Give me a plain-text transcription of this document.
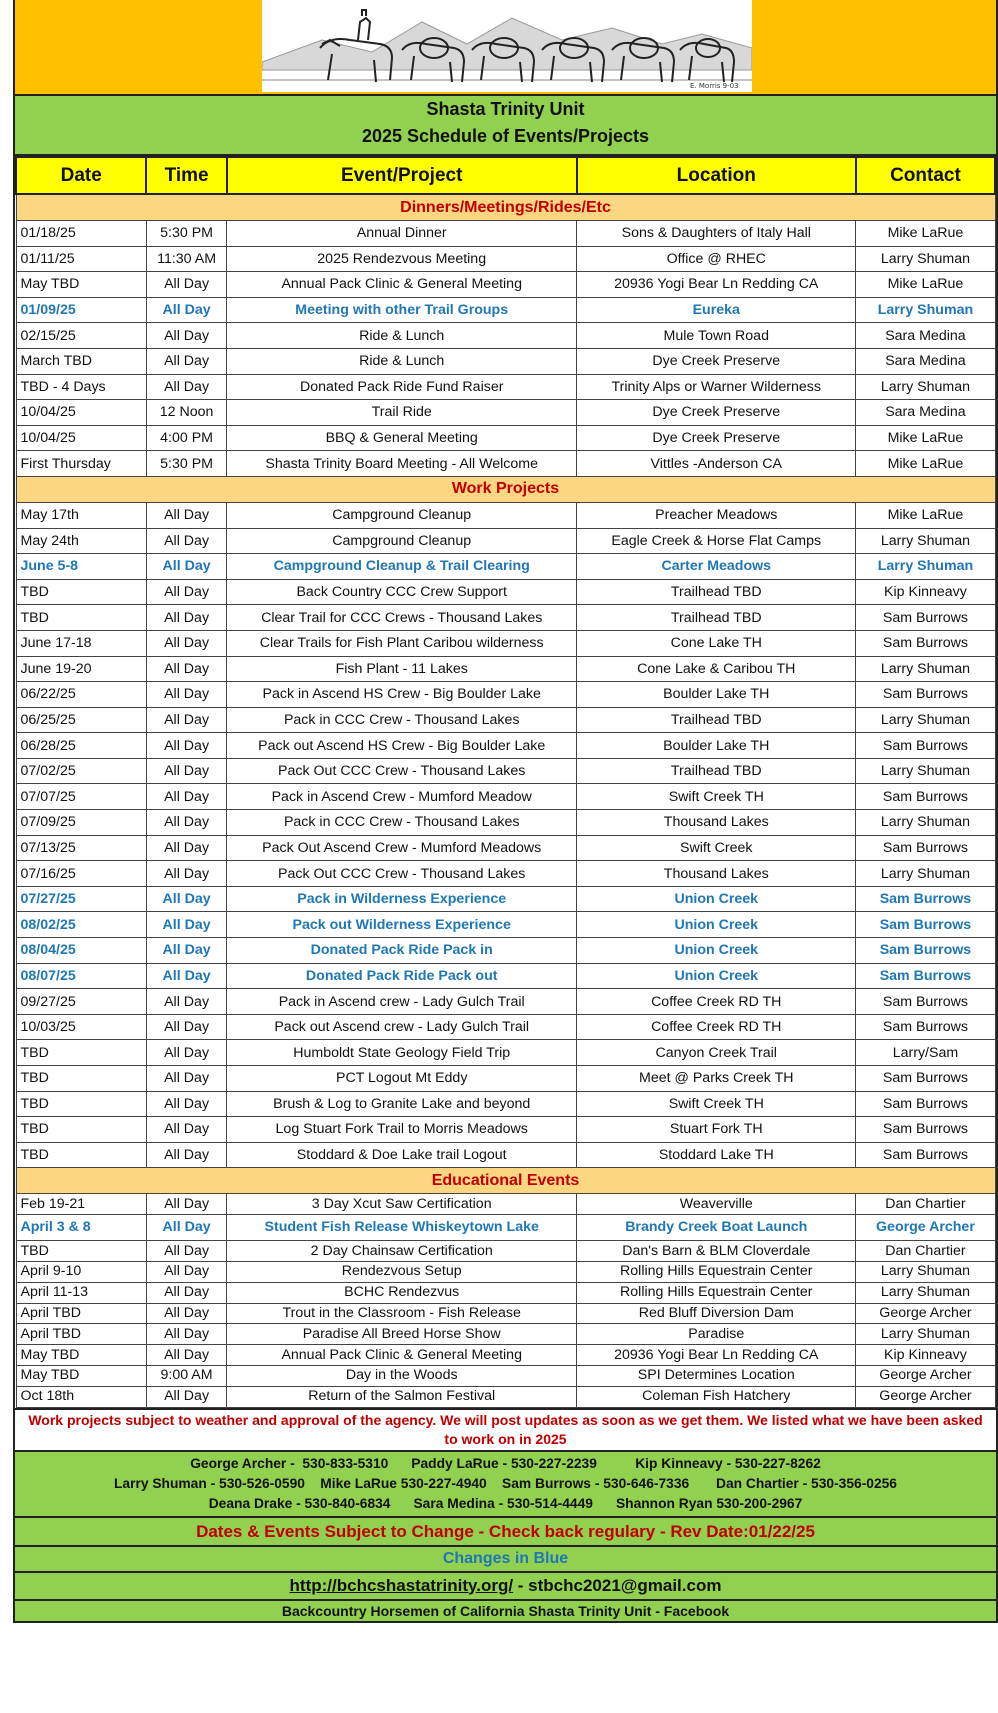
E. Morris 9-03
Shasta Trinity Unit
2025 Schedule of Events/Projects
Date	Time	Event/Project	Location	Contact
Dinners/Meetings/Rides/Etc				
01/18/25	5:30 PM	Annual Dinner	Sons & Daughters of Italy Hall	Mike LaRue
01/11/25	11:30 AM	2025 Rendezvous Meeting	Office @ RHEC	Larry Shuman
May TBD	All Day	Annual Pack Clinic & General Meeting	20936 Yogi Bear Ln Redding CA	Mike LaRue
01/09/25	All Day	Meeting with other Trail Groups	Eureka	Larry Shuman
02/15/25	All Day	Ride & Lunch	Mule Town Road	Sara Medina
March TBD	All Day	Ride & Lunch	Dye Creek Preserve	Sara Medina
TBD - 4 Days	All Day	Donated Pack Ride Fund Raiser	Trinity Alps or Warner Wilderness	Larry Shuman
10/04/25	12 Noon	Trail Ride	Dye Creek Preserve	Sara Medina
10/04/25	4:00 PM	BBQ & General Meeting	Dye Creek Preserve	Mike LaRue
First Thursday	5:30 PM	Shasta Trinity Board Meeting - All Welcome	Vittles -Anderson CA	Mike LaRue
Work Projects				
May 17th	All Day	Campground Cleanup	Preacher Meadows	Mike LaRue
May 24th	All Day	Campground Cleanup	Eagle Creek & Horse Flat Camps	Larry Shuman
June 5-8	All Day	Campground Cleanup & Trail Clearing	Carter Meadows	Larry Shuman
TBD	All Day	Back Country CCC Crew Support	Trailhead TBD	Kip Kinneavy
TBD	All Day	Clear Trail for CCC Crews - Thousand Lakes	Trailhead TBD	Sam Burrows
June 17-18	All Day	Clear Trails for Fish Plant Caribou wilderness	Cone Lake TH	Sam Burrows
June 19-20	All Day	Fish Plant - 11 Lakes	Cone Lake & Caribou TH	Larry Shuman
06/22/25	All Day	Pack in Ascend HS Crew - Big Boulder Lake	Boulder Lake TH	Sam Burrows
06/25/25	All Day	Pack in CCC Crew - Thousand Lakes	Trailhead TBD	Larry Shuman
06/28/25	All Day	Pack out Ascend HS Crew - Big Boulder Lake	Boulder Lake TH	Sam Burrows
07/02/25	All Day	Pack Out CCC Crew - Thousand Lakes	Trailhead TBD	Larry Shuman
07/07/25	All Day	Pack in Ascend Crew - Mumford Meadow	Swift Creek TH	Sam Burrows
07/09/25	All Day	Pack in CCC Crew - Thousand Lakes	Thousand Lakes	Larry Shuman
07/13/25	All Day	Pack Out Ascend Crew - Mumford Meadows	Swift Creek	Sam Burrows
07/16/25	All Day	Pack Out CCC Crew - Thousand Lakes	Thousand Lakes	Larry Shuman
07/27/25	All Day	Pack in Wilderness Experience	Union Creek	Sam Burrows
08/02/25	All Day	Pack out Wilderness Experience	Union Creek	Sam Burrows
08/04/25	All Day	Donated Pack Ride Pack in	Union Creek	Sam Burrows
08/07/25	All Day	Donated Pack Ride Pack out	Union Creek	Sam Burrows
09/27/25	All Day	Pack in Ascend crew - Lady Gulch Trail	Coffee Creek RD TH	Sam Burrows
10/03/25	All Day	Pack out Ascend crew - Lady Gulch Trail	Coffee Creek RD TH	Sam Burrows
TBD	All Day	Humboldt State Geology Field Trip	Canyon Creek Trail	Larry/Sam
TBD	All Day	PCT Logout Mt Eddy	Meet @ Parks Creek TH	Sam Burrows
TBD	All Day	Brush & Log to Granite Lake and beyond	Swift Creek TH	Sam Burrows
TBD	All Day	Log Stuart Fork Trail to Morris Meadows	Stuart Fork TH	Sam Burrows
TBD	All Day	Stoddard & Doe Lake trail Logout	Stoddard Lake TH	Sam Burrows
Educational Events				
Feb 19-21	All Day	3 Day Xcut Saw Certification	Weaverville	Dan Chartier
April 3 & 8	All Day	Student Fish Release Whiskeytown Lake	Brandy Creek Boat Launch	George Archer
TBD	All Day	2 Day Chainsaw Certification	Dan's Barn & BLM Cloverdale	Dan Chartier
April 9-10	All Day	Rendezvous Setup	Rolling Hills Equestrain Center	Larry Shuman
April 11-13	All Day	BCHC Rendezvus	Rolling Hills Equestrain Center	Larry Shuman
April TBD	All Day	Trout in the Classroom - Fish Release	Red Bluff Diversion Dam	George Archer
April TBD	All Day	Paradise All Breed Horse Show	Paradise	Larry Shuman
May TBD	All Day	Annual Pack Clinic & General Meeting	20936 Yogi Bear Ln Redding CA	Kip Kinneavy
May TBD	9:00 AM	Day in the Woods	SPI Determines Location	George Archer
Oct 18th	All Day	Return of the Salmon Festival	Coleman Fish Hatchery	George Archer
Work projects subject to weather and approval of the agency. We will post updates as soon as we get them. We listed what we have been asked to work on in 2025
George Archer -  530-833-5310      Paddy LaRue - 530-227-2239          Kip Kinneavy - 530-227-8262
Larry Shuman - 530-526-0590    Mike LaRue 530-227-4940    Sam Burrows - 530-646-7336       Dan Chartier - 530-356-0256
Deana Drake - 530-840-6834      Sara Medina - 530-514-4449      Shannon Ryan 530-200-2967
Dates & Events Subject to Change - Check back regulary - Rev Date:01/22/25
Changes in Blue
http://bchcshastatrinity.org/ - stbchc2021@gmail.com
Backcountry Horsemen of California Shasta Trinity Unit - Facebook
